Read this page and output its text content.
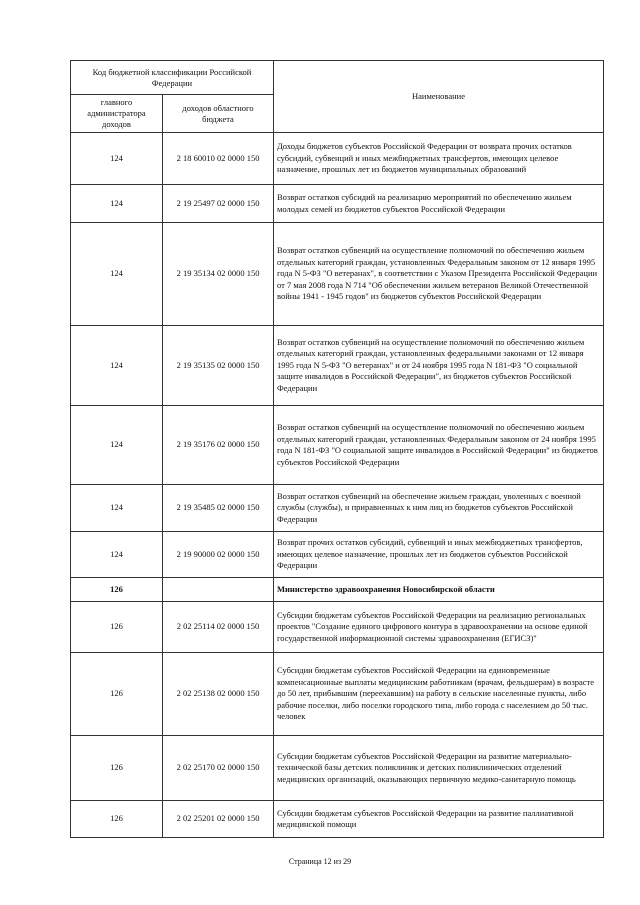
Код бюджетной классификации Российской Федерации		Наименование
главного администратора доходов	доходов областного бюджета	
124	2 18 60010 02 0000 150	Доходы бюджетов субъектов Российской Федерации от возврата прочих остатков субсидий, субвенций и иных межбюджетных трансфертов, имеющих целевое назначение, прошлых лет из бюджетов муниципальных образований
124	2 19 25497 02 0000 150	Возврат остатков субсидий на реализацию мероприятий по обеспечению жильем молодых семей из бюджетов субъектов Российской Федерации
124	2 19 35134 02 0000 150	Возврат остатков субвенций на осуществление полномочий по обеспечению жильем отдельных категорий граждан, установленных Федеральным законом от 12 января 1995 года N 5-ФЗ "О ветеранах", в соответствии с Указом Президента Российской Федерации от 7 мая 2008 года N 714 "Об обеспечении жильем ветеранов Великой Отечественной войны 1941 - 1945 годов" из бюджетов субъектов Российской Федерации
124	2 19 35135 02 0000 150	Возврат остатков субвенций на осуществление полномочий по обеспечению жильем отдельных категорий граждан, установленных федеральными законами от 12 января 1995 года N 5-ФЗ "О ветеранах" и от 24 ноября 1995 года N 181-ФЗ "О социальной защите инвалидов в Российской Федерации", из бюджетов субъектов Российской Федерации
124	2 19 35176 02 0000 150	Возврат остатков субвенций на осуществление полномочий по обеспечению жильем отдельных категорий граждан, установленных Федеральным законом от 24 ноября 1995 года N 181-ФЗ "О социальной защите инвалидов в Российской Федерации" из бюджетов субъектов Российской Федерации
124	2 19 35485 02 0000 150	Возврат остатков субвенций на обеспечение жильем граждан, уволенных с военной службы (службы), и приравненных к ним лиц из бюджетов субъектов Российской Федерации
124	2 19 90000 02 0000 150	Возврат прочих остатков субсидий, субвенций и иных межбюджетных трансфертов, имеющих целевое назначение, прошлых лет из бюджетов субъектов Российской Федерации
126		Министерство здравоохранения Новосибирской области
126	2 02 25114 02 0000 150	Субсидии бюджетам субъектов Российской Федерации на реализацию региональных проектов "Создание единого цифрового контура в здравоохранении на основе единой государственной информационной системы здравоохранения (ЕГИСЗ)"
126	2 02 25138 02 0000 150	Субсидии бюджетам субъектов Российской Федерации на единовременные компенсационные выплаты медицинским работникам (врачам, фельдшерам) в возрасте до 50 лет, прибывшим (переехавшим) на работу в сельские населенные пункты, либо рабочие поселки, либо поселки городского типа, либо города с населением до 50 тыс. человек
126	2 02 25170 02 0000 150	Субсидии бюджетам субъектов Российской Федерации на развитие материально-технической базы детских поликлиник и детских поликлинических отделений медицинских организаций, оказывающих первичную медико-санитарную помощь
126	2 02 25201 02 0000 150	Субсидии бюджетам субъектов Российской Федерации на развитие паллиативной медицинской помощи
Страница 12 из 29
